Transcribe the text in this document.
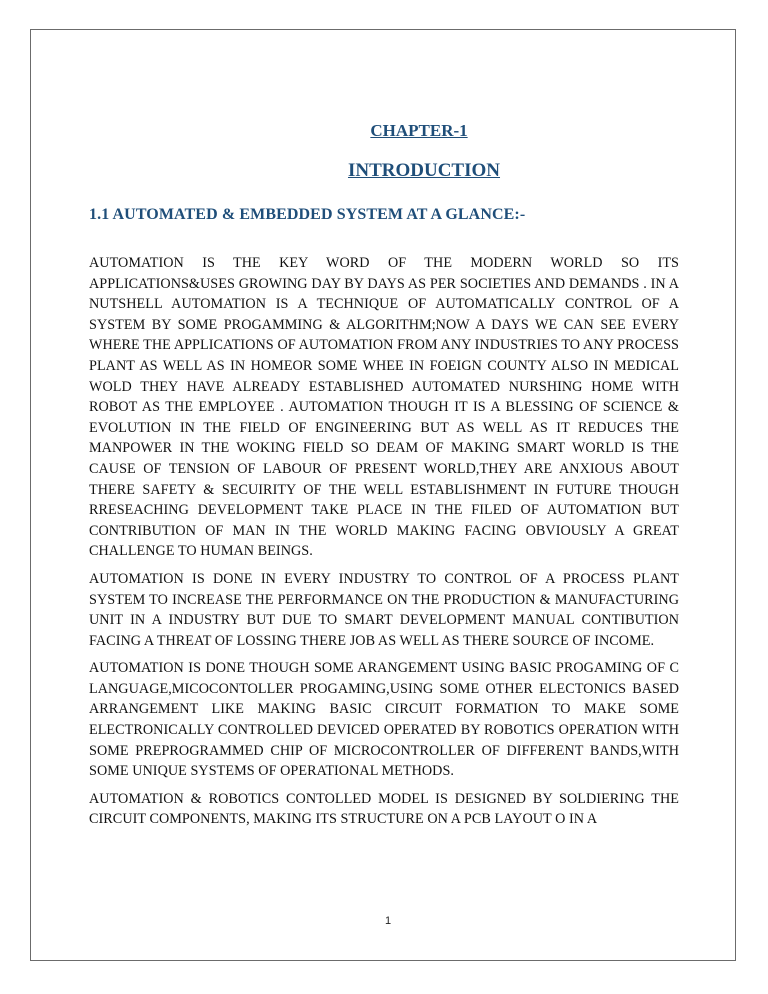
CHAPTER-1

INTRODUCTION

1.1 AUTOMATED & EMBEDDED SYSTEM AT A GLANCE:-

AUTOMATION IS THE KEY WORD OF THE MODERN WORLD SO ITS APPLICATIONS&USES GROWING DAY BY DAYS AS PER SOCIETIES AND DEMANDS . IN A NUTSHELL AUTOMATION IS A TECHNIQUE OF AUTOMATICALLY CONTROL OF A SYSTEM BY SOME PROGAMMING & ALGORITHM;NOW A DAYS WE CAN SEE EVERY WHERE THE APPLICATIONS OF AUTOMATION FROM ANY INDUSTRIES TO ANY PROCESS PLANT AS WELL AS IN HOMEOR SOME WHEE IN FOEIGN COUNTY ALSO IN MEDICAL WOLD THEY HAVE ALREADY ESTABLISHED AUTOMATED NURSHING HOME WITH ROBOT AS THE EMPLOYEE . AUTOMATION THOUGH IT IS A BLESSING OF SCIENCE & EVOLUTION IN THE FIELD OF ENGINEERING BUT AS WELL AS IT REDUCES THE MANPOWER IN THE WOKING FIELD SO DEAM OF MAKING SMART WORLD IS THE CAUSE OF TENSION OF LABOUR OF PRESENT WORLD,THEY ARE ANXIOUS ABOUT THERE SAFETY & SECUIRITY OF THE WELL ESTABLISHMENT IN FUTURE THOUGH RRESEACHING DEVELOPMENT TAKE PLACE IN THE FILED OF AUTOMATION BUT CONTRIBUTION OF MAN IN THE WORLD MAKING FACING OBVIOUSLY A GREAT CHALLENGE TO HUMAN BEINGS.

AUTOMATION IS DONE IN EVERY INDUSTRY TO CONTROL OF A PROCESS PLANT SYSTEM TO INCREASE THE PERFORMANCE ON THE PRODUCTION & MANUFACTURING UNIT IN A INDUSTRY BUT DUE TO SMART DEVELOPMENT MANUAL CONTIBUTION FACING A THREAT OF LOSSING THERE JOB AS WELL AS THERE SOURCE OF INCOME.

AUTOMATION IS DONE THOUGH SOME ARANGEMENT USING BASIC PROGAMING OF C LANGUAGE,MICOCONTOLLER PROGAMING,USING SOME OTHER ELECTONICS BASED ARRANGEMENT LIKE MAKING BASIC CIRCUIT FORMATION TO MAKE SOME ELECTRONICALLY CONTROLLED DEVICED OPERATED BY ROBOTICS OPERATION WITH SOME PREPROGRAMMED CHIP OF MICROCONTROLLER OF DIFFERENT BANDS,WITH SOME UNIQUE SYSTEMS OF OPERATIONAL METHODS.

AUTOMATION & ROBOTICS CONTOLLED MODEL IS DESIGNED BY SOLDIERING THE CIRCUIT COMPONENTS, MAKING ITS STRUCTURE ON A PCB LAYOUT O IN A

1
